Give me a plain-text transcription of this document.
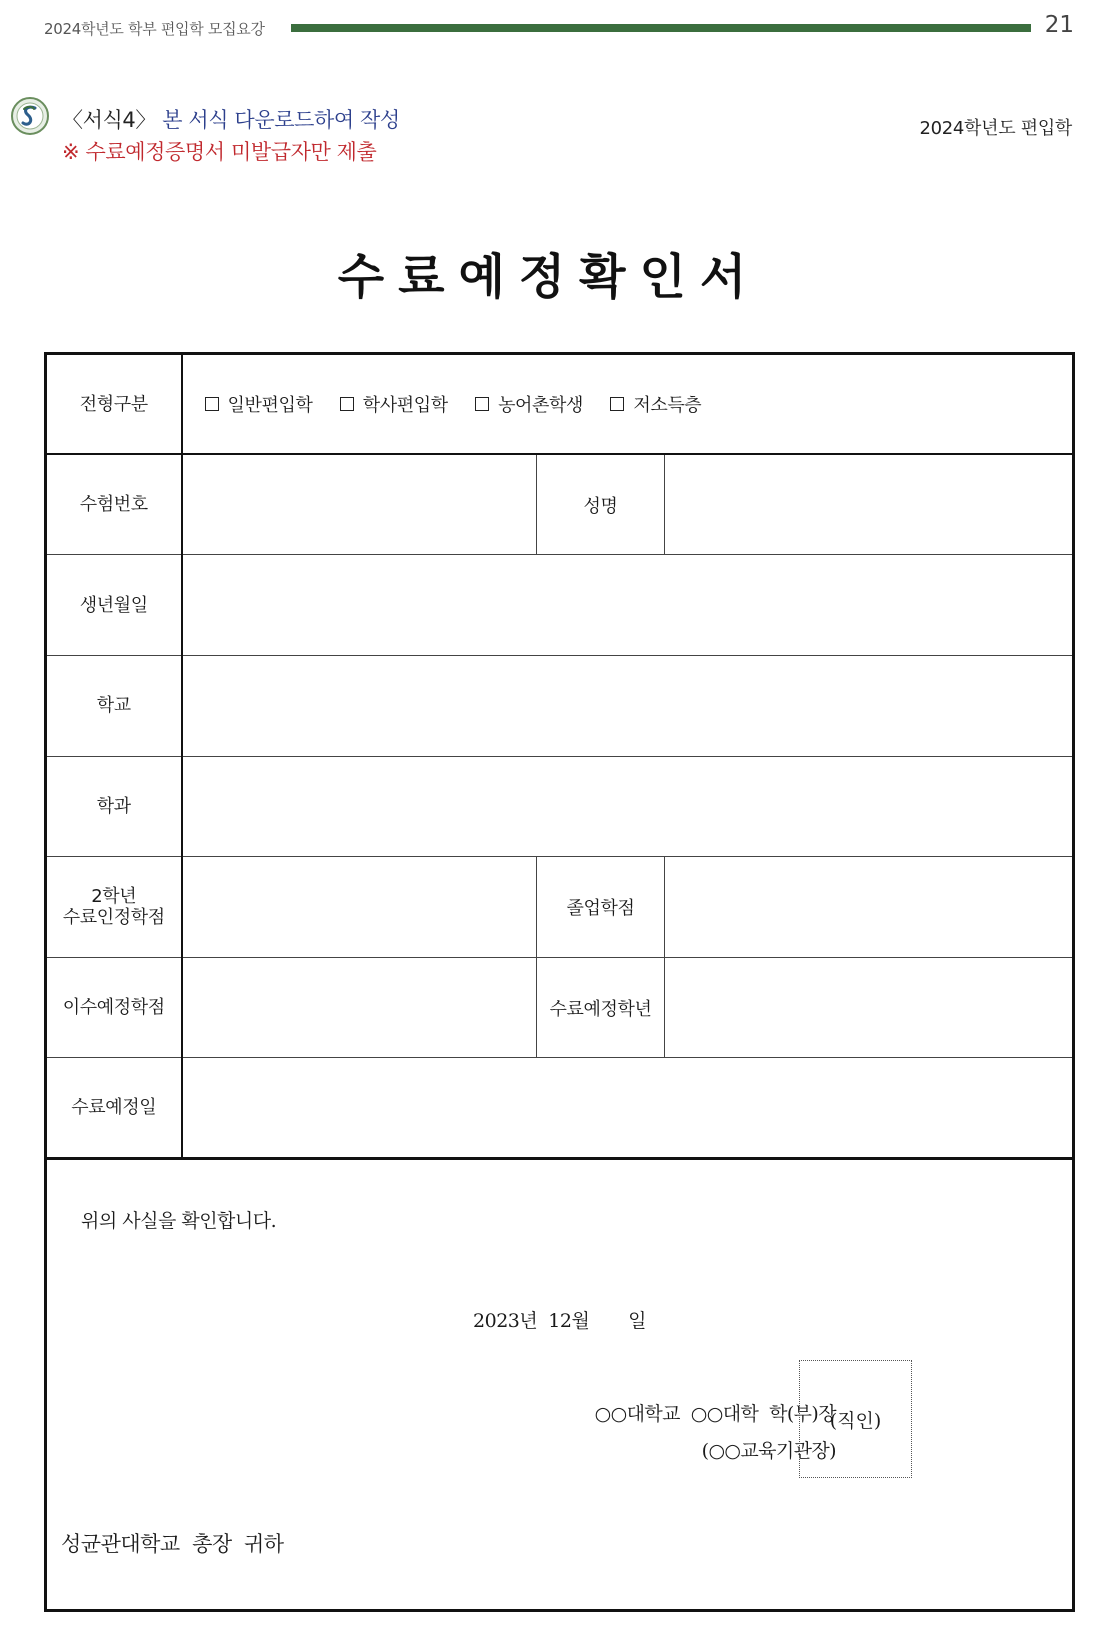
2024학년도 학부 편입학 모집요강	21
〈서식4〉 본 서식 다운로드하여 작성
※ 수료예정증명서 미발급자만 제출
2024학년도 편입학
수료예정확인서
전형구분	일반편입학
학사편입학
농어촌학생
저소득층		

수험번호		성명	
생년월일			
학교			
학과			
2학년
수료인정학점		졸업학점	
이수예정학점		수료예정학년	
수료예정일			
위의 사실을 확인합니다.
2023년  12월       일
○○대학교  ○○대학  학(부)장
(○○교육기관장)
(직인)
성균관대학교  총장  귀하
